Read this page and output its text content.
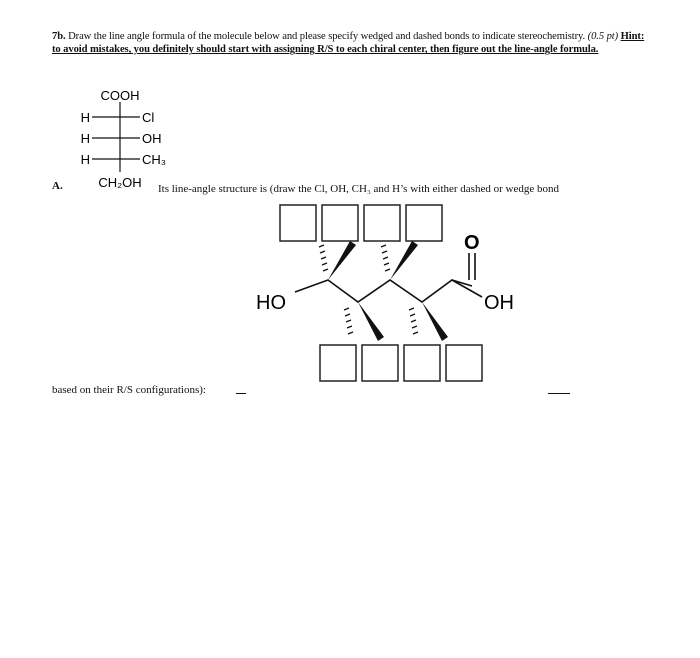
7b. Draw the line angle formula of the molecule below and please specify wedged and dashed bonds to indicate stereochemistry. (0.5 pt) Hint: to avoid mistakes, you definitely should start with assigning R/S to each chiral center, then figure out the line-angle formula.
COOH
H	Cl
H	OH
H	CH₃
CH₂OH
A.	Its line-angle structure is (draw the Cl, OH, CH₃ and H’s with either dashed or wedge bond
HO	OH
O
based on their R/S configurations):
